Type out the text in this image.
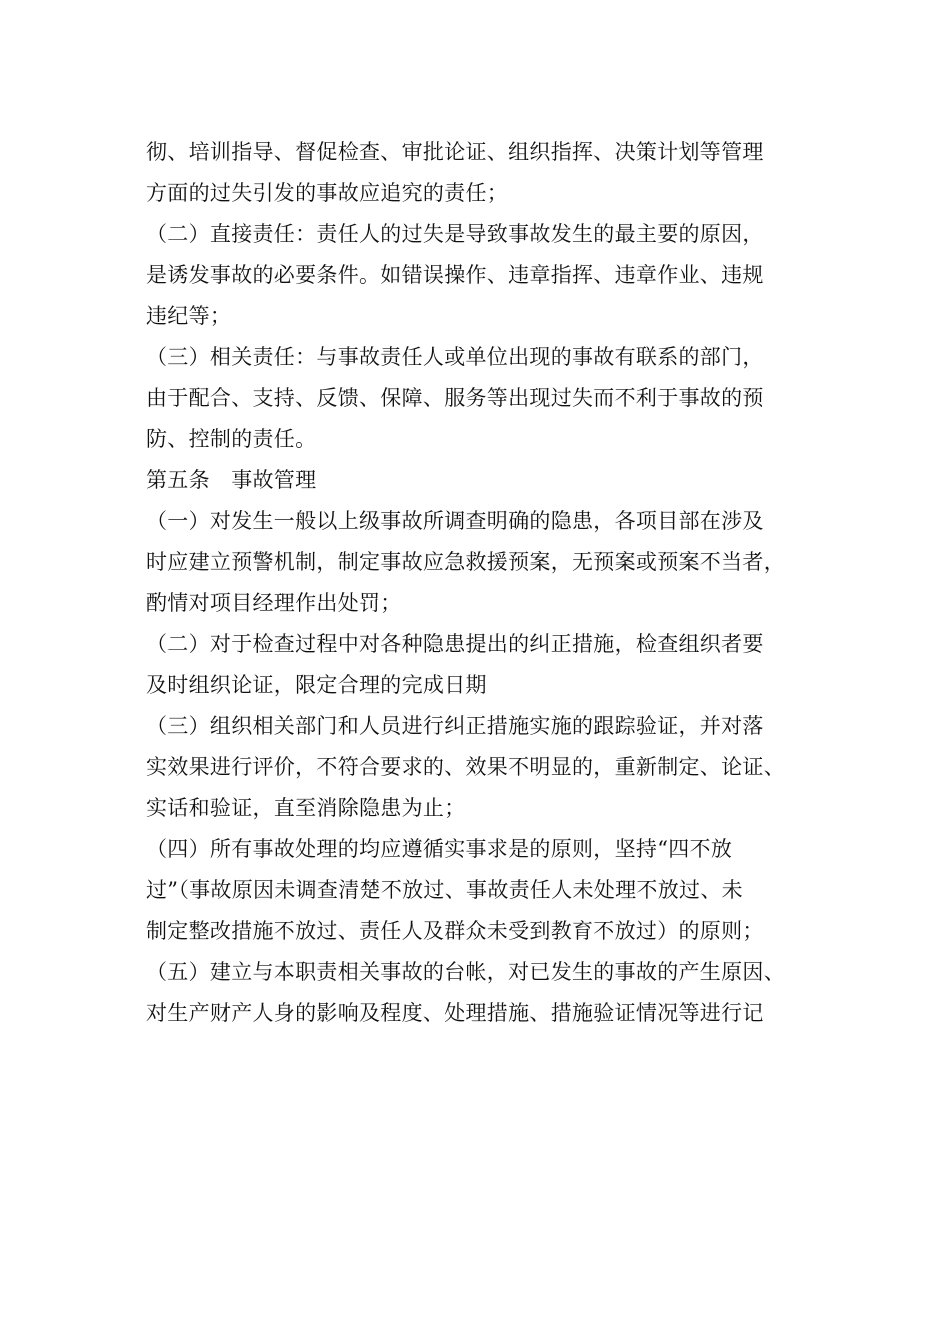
彻、培训指导、督促检查、审批论证、组织指挥、决策计划等管理
方面的过失引发的事故应追究的责任；
（二）直接责任：责任人的过失是导致事故发生的最主要的原因，
是诱发事故的必要条件。如错误操作、违章指挥、违章作业、违规
违纪等；
（三）相关责任：与事故责任人或单位出现的事故有联系的部门，
由于配合、支持、反馈、保障、服务等出现过失而不利于事故的预
防、控制的责任。
第五条　事故管理
（一）对发生一般以上级事故所调查明确的隐患，各项目部在涉及
时应建立预警机制，制定事故应急救援预案，无预案或预案不当者，
酌情对项目经理作出处罚；
（二）对于检查过程中对各种隐患提出的纠正措施，检查组织者要
及时组织论证，限定合理的完成日期
（三）组织相关部门和人员进行纠正措施实施的跟踪验证，并对落
实效果进行评价，不符合要求的、效果不明显的，重新制定、论证、
实话和验证，直至消除隐患为止；
（四）所有事故处理的均应遵循实事求是的原则，坚持“四不放
过”（事故原因未调查清楚不放过、事故责任人未处理不放过、未
制定整改措施不放过、责任人及群众未受到教育不放过）的原则；
（五）建立与本职责相关事故的台帐，对已发生的事故的产生原因、
对生产财产人身的影响及程度、处理措施、措施验证情况等进行记
